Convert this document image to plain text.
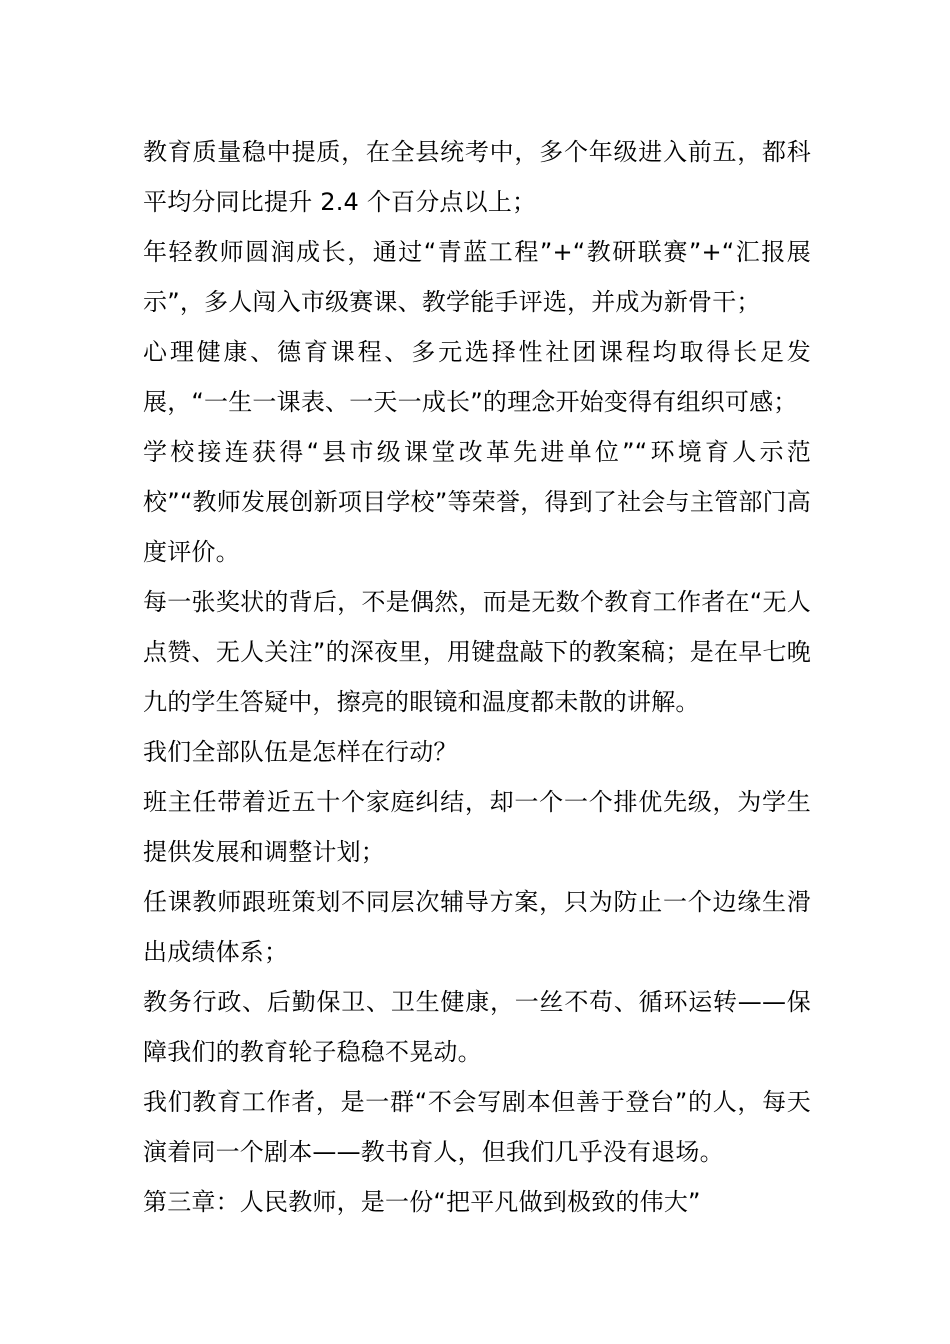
教育质量稳中提质，在全县统考中，多个年级进入前五，都科平均分同比提升 2.4 个百分点以上；

年轻教师圆润成长，通过“青蓝工程”+“教研联赛”+“汇报展示”，多人闯入市级赛课、教学能手评选，并成为新骨干；

心理健康、德育课程、多元选择性社团课程均取得长足发展，“一生一课表、一天一成长”的理念开始变得有组织可感；

学校接连获得“县市级课堂改革先进单位”“环境育人示范校”“教师发展创新项目学校”等荣誉，得到了社会与主管部门高度评价。

每一张奖状的背后，不是偶然，而是无数个教育工作者在“无人点赞、无人关注”的深夜里，用键盘敲下的教案稿；是在早七晚九的学生答疑中，擦亮的眼镜和温度都未散的讲解。

我们全部队伍是怎样在行动？

班主任带着近五十个家庭纠结，却一个一个排优先级，为学生提供发展和调整计划；

任课教师跟班策划不同层次辅导方案，只为防止一个边缘生滑出成绩体系；

教务行政、后勤保卫、卫生健康，一丝不苟、循环运转——保障我们的教育轮子稳稳不晃动。

我们教育工作者，是一群“不会写剧本但善于登台”的人，每天演着同一个剧本——教书育人，但我们几乎没有退场。

第三章：人民教师，是一份“把平凡做到极致的伟大”
